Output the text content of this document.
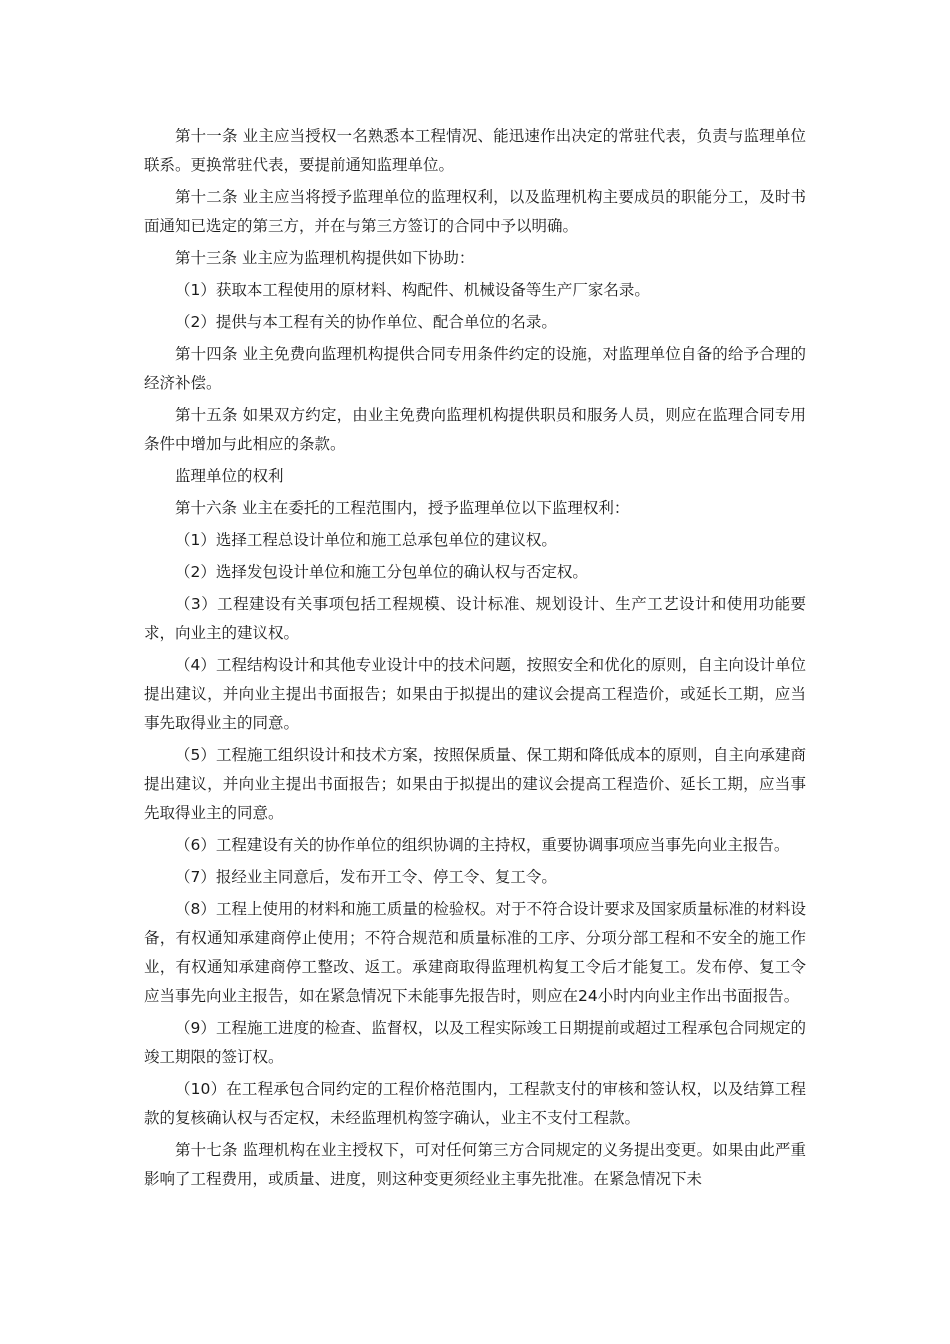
第十一条 业主应当授权一名熟悉本工程情况、能迅速作出决定的常驻代表，负责与监理单位联系。更换常驻代表，要提前通知监理单位。

第十二条 业主应当将授予监理单位的监理权利，以及监理机构主要成员的职能分工，及时书面通知已选定的第三方，并在与第三方签订的合同中予以明确。

第十三条 业主应为监理机构提供如下协助：

（1）获取本工程使用的原材料、构配件、机械设备等生产厂家名录。

（2）提供与本工程有关的协作单位、配合单位的名录。

第十四条 业主免费向监理机构提供合同专用条件约定的设施，对监理单位自备的给予合理的经济补偿。

第十五条 如果双方约定，由业主免费向监理机构提供职员和服务人员，则应在监理合同专用条件中增加与此相应的条款。

监理单位的权利

第十六条 业主在委托的工程范围内，授予监理单位以下监理权利：

（1）选择工程总设计单位和施工总承包单位的建议权。

（2）选择发包设计单位和施工分包单位的确认权与否定权。

（3）工程建设有关事项包括工程规模、设计标准、规划设计、生产工艺设计和使用功能要求，向业主的建议权。

（4）工程结构设计和其他专业设计中的技术问题，按照安全和优化的原则，自主向设计单位提出建议，并向业主提出书面报告；如果由于拟提出的建议会提高工程造价，或延长工期，应当事先取得业主的同意。

（5）工程施工组织设计和技术方案，按照保质量、保工期和降低成本的原则，自主向承建商提出建议，并向业主提出书面报告；如果由于拟提出的建议会提高工程造价、延长工期，应当事先取得业主的同意。

（6）工程建设有关的协作单位的组织协调的主持权，重要协调事项应当事先向业主报告。

（7）报经业主同意后，发布开工令、停工令、复工令。

（8）工程上使用的材料和施工质量的检验权。对于不符合设计要求及国家质量标准的材料设备，有权通知承建商停止使用；不符合规范和质量标准的工序、分项分部工程和不安全的施工作业，有权通知承建商停工整改、返工。承建商取得监理机构复工令后才能复工。发布停、复工令应当事先向业主报告，如在紧急情况下未能事先报告时，则应在24小时内向业主作出书面报告。

（9）工程施工进度的检查、监督权，以及工程实际竣工日期提前或超过工程承包合同规定的竣工期限的签订权。

（10）在工程承包合同约定的工程价格范围内，工程款支付的审核和签认权，以及结算工程款的复核确认权与否定权，未经监理机构签字确认，业主不支付工程款。

第十七条 监理机构在业主授权下，可对任何第三方合同规定的义务提出变更。如果由此严重影响了工程费用，或质量、进度，则这种变更须经业主事先批准。在紧急情况下未
